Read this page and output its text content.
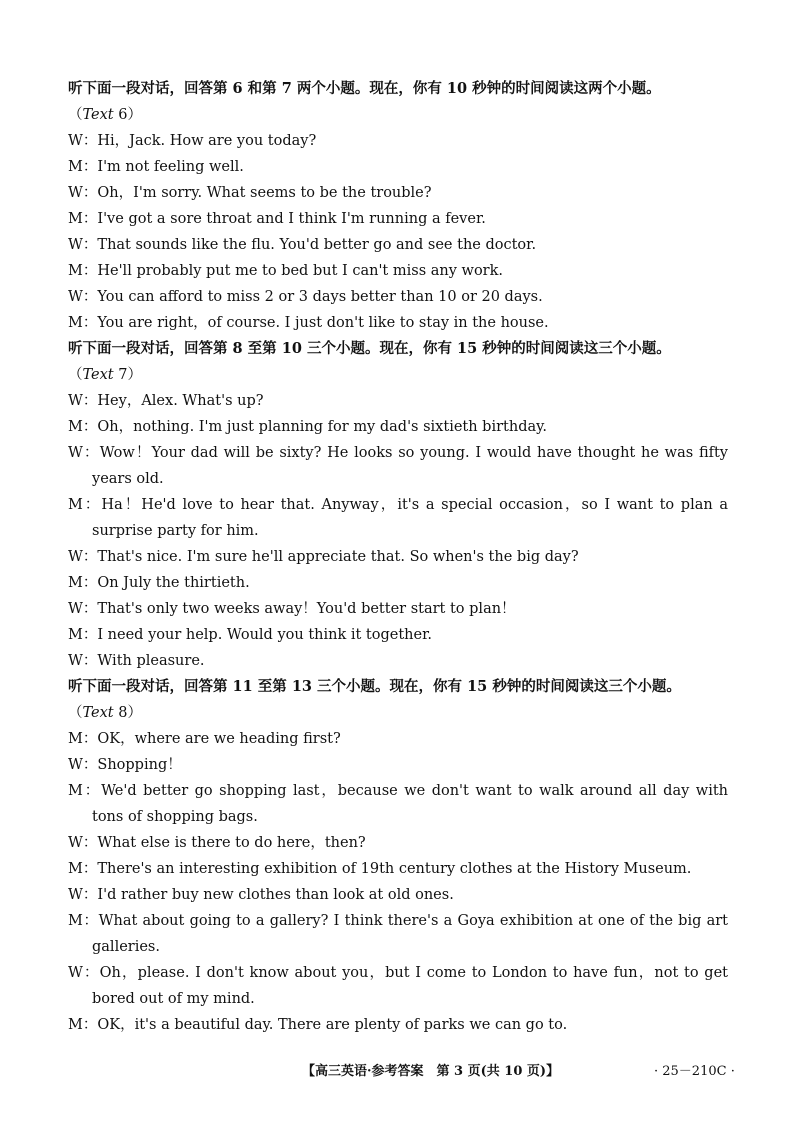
听下面一段对话，回答第 6 和第 7 两个小题。现在，你有 10 秒钟的时间阅读这两个小题。

（Text 6）

W：Hi，Jack. How are you today?

M：I'm not feeling well.

W：Oh，I'm sorry. What seems to be the trouble?

M：I've got a sore throat and I think I'm running a fever.

W：That sounds like the flu. You'd better go and see the doctor.

M：He'll probably put me to bed but I can't miss any work.

W：You can afford to miss 2 or 3 days better than 10 or 20 days.

M：You are right，of course. I just don't like to stay in the house.

听下面一段对话，回答第 8 至第 10 三个小题。现在，你有 15 秒钟的时间阅读这三个小题。

（Text 7）

W：Hey，Alex. What's up?

M：Oh，nothing. I'm just planning for my dad's sixtieth birthday.

W：Wow！Your dad will be sixty? He looks so young. I would have thought he was fifty years old.

M：Ha！He'd love to hear that. Anyway，it's a special occasion，so I want to plan a surprise party for him.

W：That's nice. I'm sure he'll appreciate that. So when's the big day?

M：On July the thirtieth.

W：That's only two weeks away！You'd better start to plan！

M：I need your help. Would you think it together.

W：With pleasure.

听下面一段对话，回答第 11 至第 13 三个小题。现在，你有 15 秒钟的时间阅读这三个小题。

（Text 8）

M：OK，where are we heading first?

W：Shopping！

M：We'd better go shopping last，because we don't want to walk around all day with tons of shopping bags.

W：What else is there to do here，then?

M：There's an interesting exhibition of 19th century clothes at the History Museum.

W：I'd rather buy new clothes than look at old ones.

M：What about going to a gallery? I think there's a Goya exhibition at one of the big art galleries.

W：Oh，please. I don't know about you，but I come to London to have fun，not to get bored out of my mind.

M：OK，it's a beautiful day. There are plenty of parks we can go to.

【高三英语·参考答案　第 3 页(共 10 页)】	· 25－210C ·
